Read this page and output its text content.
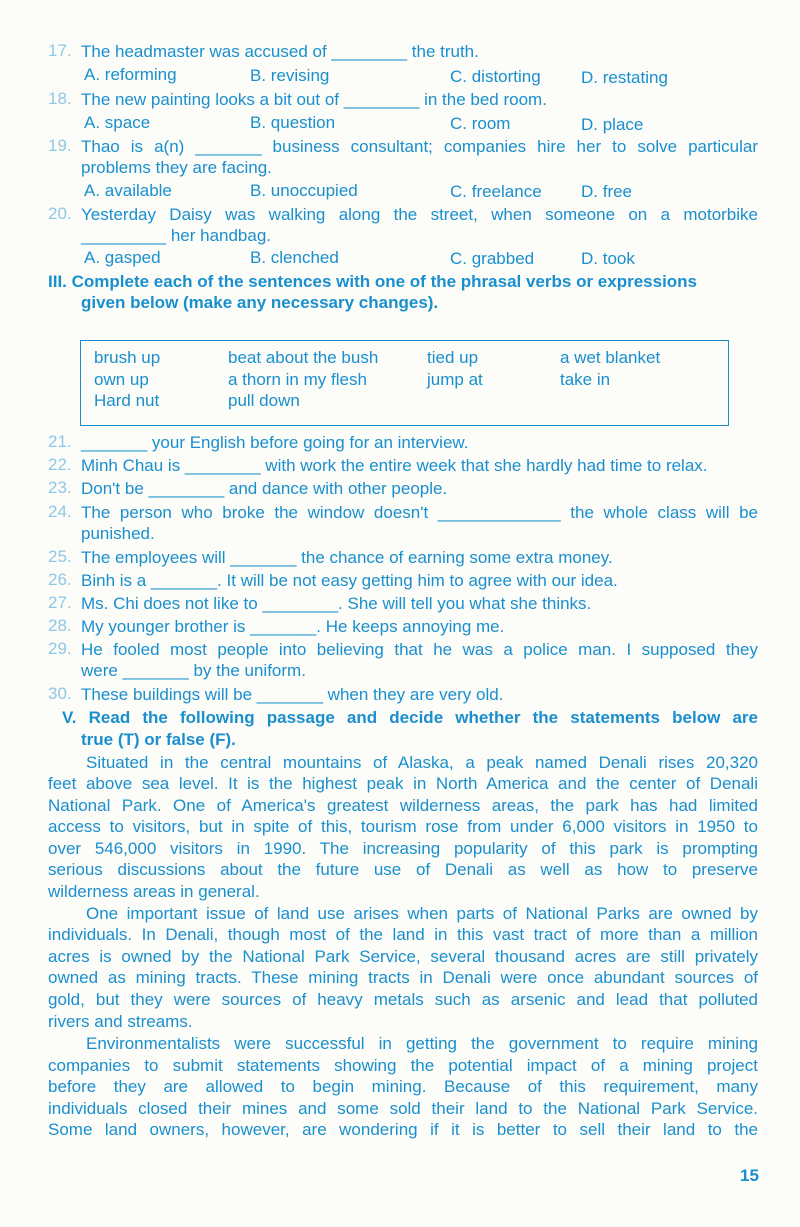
17. The headmaster was accused of ________ the truth.
A. reforming	B. revising	C. distorting D. restating
18. The new painting looks a bit out of ________ in the bed room.
A. space	B. question	C. room	D. place
19. Thao is a(n) _______ business consultant; companies hire her to solve particular
problems they are facing.
A. available	B. unoccupied	C. freelance D. free
20. Yesterday Daisy was walking along the street, when someone on a motorbike
_________ her handbag.
A. gasped	B. clenched	C. grabbed	D. took
III. Complete each of the sentences with one of the phrasal verbs or expressions
given below (make any necessary changes).
brush up	beat about the bush	tied up	a wet blanket
own up	a thorn in my flesh	jump at	take in
Hard nut	pull down
21. _______ your English before going for an interview.
22. Minh Chau is ________ with work the entire week that she hardly had time to relax.
23. Don't be ________ and dance with other people.
24. The person who broke the window doesn't _____________ the whole class will be
punished.
25. The employees will _______ the chance of earning some extra money.
26. Binh is a _______. It will be not easy getting him to agree with our idea.
27. Ms. Chi does not like to ________. She will tell you what she thinks.
28. My younger brother is _______. He keeps annoying me.
29. He fooled most people into believing that he was a police man. I supposed they
were _______ by the uniform.
30. These buildings will be _______ when they are very old.
V. Read the following passage and decide whether the statements below are
true (T) or false (F).
Situated in the central mountains of Alaska, a peak named Denali rises 20,320
feet above sea level. It is the highest peak in North America and the center of Denali
National Park. One of America's greatest wilderness areas, the park has had limited
access to visitors, but in spite of this, tourism rose from under 6,000 visitors in 1950 to
over 546,000 visitors in 1990. The increasing popularity of this park is prompting
serious discussions about the future use of Denali as well as how to preserve
wilderness areas in general.
One important issue of land use arises when parts of National Parks are owned by
individuals. In Denali, though most of the land in this vast tract of more than a million
acres is owned by the National Park Service, several thousand acres are still privately
owned as mining tracts. These mining tracts in Denali were once abundant sources of
gold, but they were sources of heavy metals such as arsenic and lead that polluted
rivers and streams.
Environmentalists were successful in getting the government to require mining
companies to submit statements showing the potential impact of a mining project
before they are allowed to begin mining. Because of this requirement, many
individuals closed their mines and some sold their land to the National Park Service.
Some land owners, however, are wondering if it is better to sell their land to the
15
